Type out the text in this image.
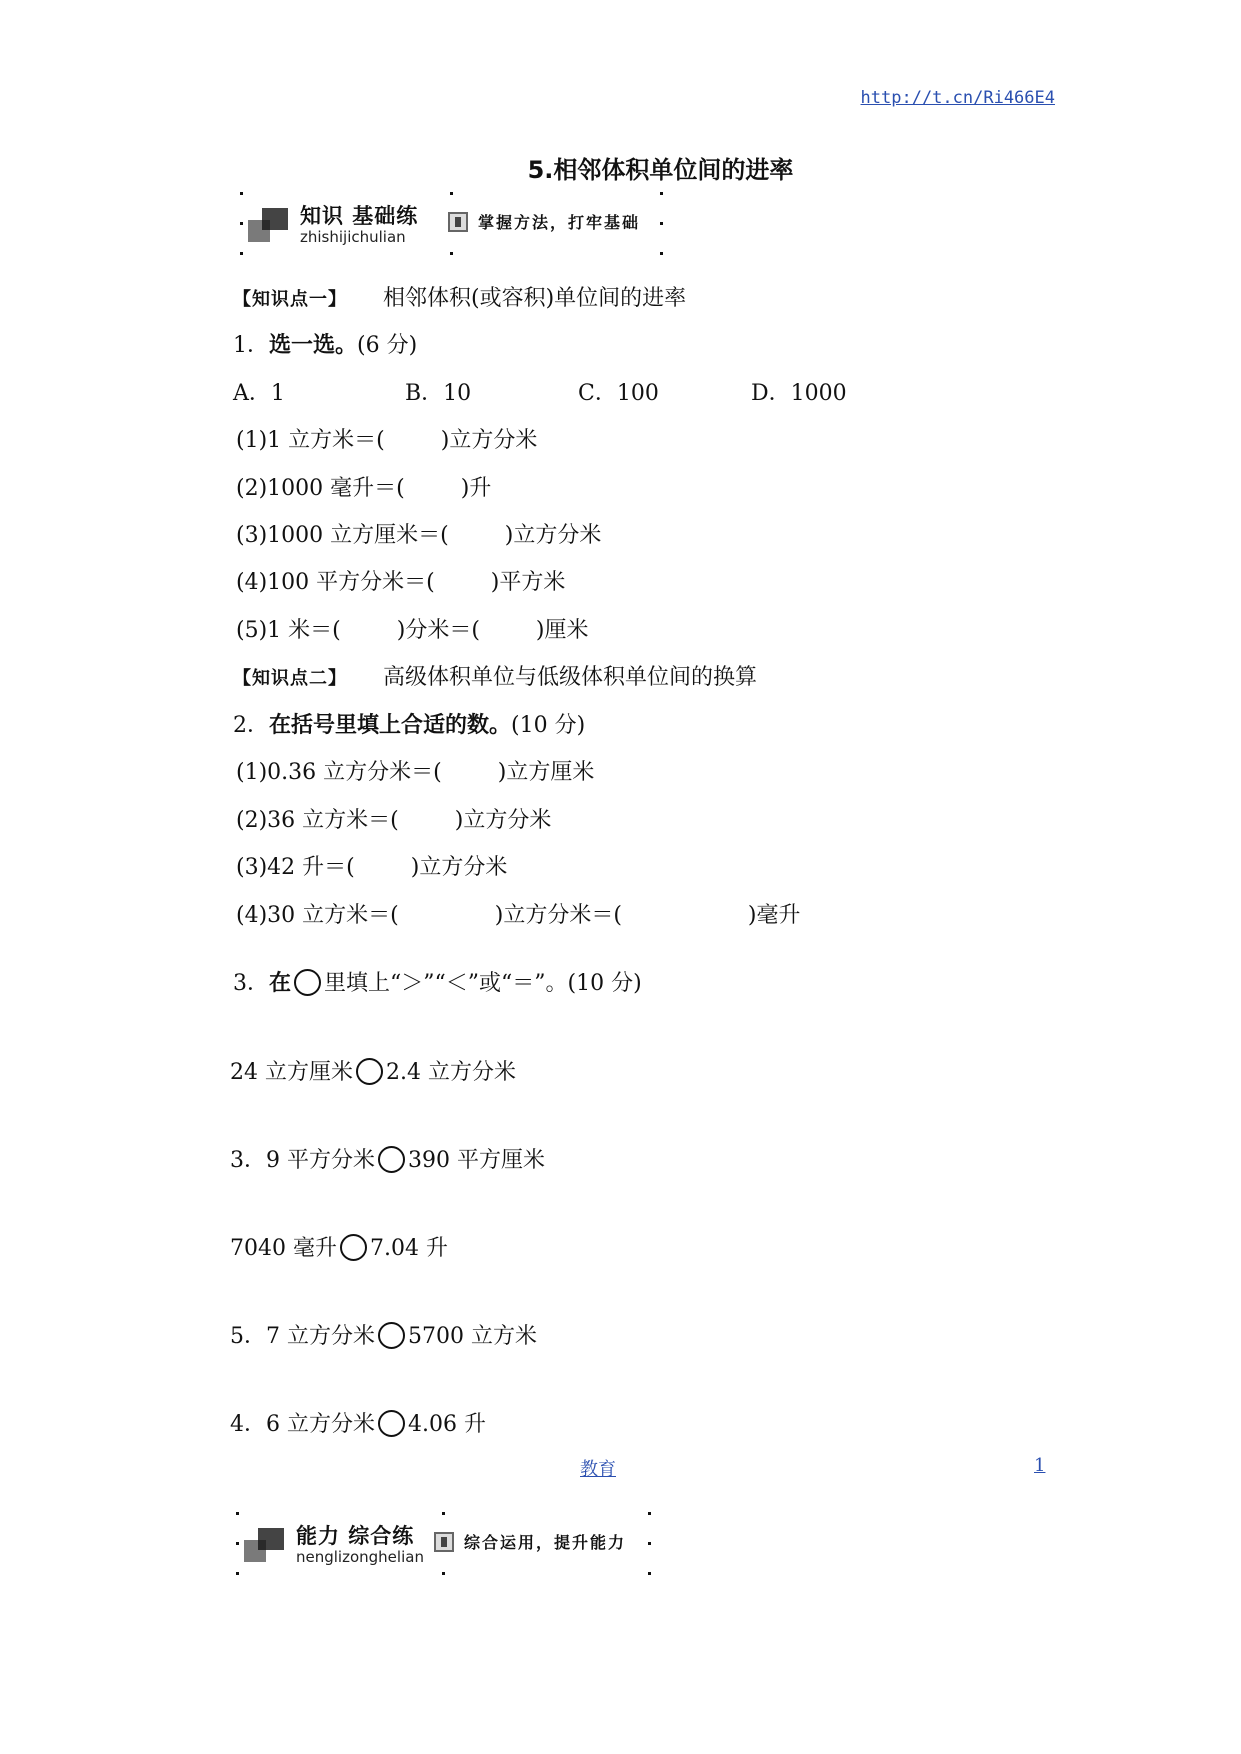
http://t.cn/Ri466E4
5.相邻体积单位间的进率
知识 基础练
zhishijichulian
掌握方法，打牢基础
【知识点一】 相邻体积(或容积)单位间的进率
1．选一选。(6 分)
A．1	B．10	C．100	D．1000
(1)1 立方米＝(	)立方分米
(2)1000 毫升＝(	)升
(3)1000 立方厘米＝(	)立方分米
(4)100 平方分米＝(	)平方米
(5)1 米＝(	)分米＝(	)厘米
【知识点二】 高级体积单位与低级体积单位间的换算
2．在括号里填上合适的数。(10 分)
(1)0.36 立方分米＝(	)立方厘米
(2)36 立方米＝(	)立方分米
(3)42 升＝(	)立方分米
(4)30 立方米＝(	)立方分米＝(	)毫升
3．在 里填上“＞”“＜”或“＝”。(10 分)
24 立方厘米 2.4 立方分米
3．9 平方分米 390 平方厘米
7040 毫升 7.04 升
5．7 立方分米 5700 立方米
4．6 立方分米 4.06 升
能力 综合练
nenglizonghelian
综合运用，提升能力
教育	1
